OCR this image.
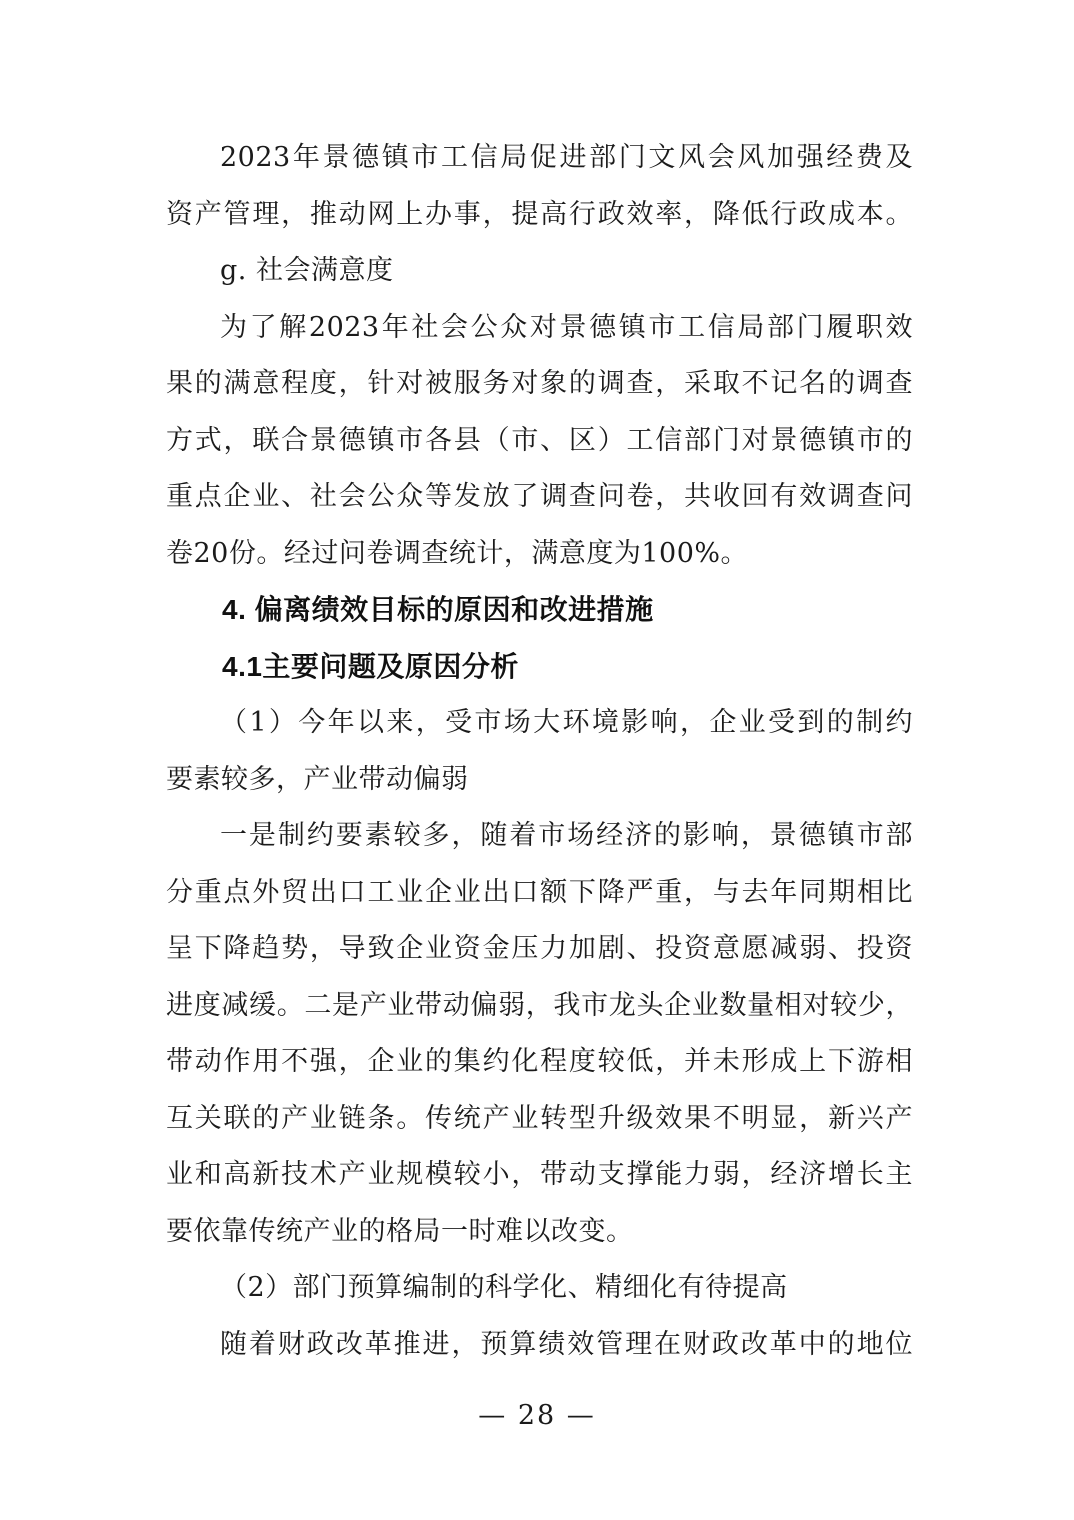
2023年景德镇市工信局促进部门文风会风加强经费及
资产管理，推动网上办事，提高行政效率，降低行政成本。
g. 社会满意度
为了解2023年社会公众对景德镇市工信局部门履职效
果的满意程度，针对被服务对象的调查，采取不记名的调查
方式，联合景德镇市各县（市、区）工信部门对景德镇市的
重点企业、社会公众等发放了调查问卷，共收回有效调查问
卷20份。经过问卷调查统计，满意度为100%。
4. 偏离绩效目标的原因和改进措施
4.1主要问题及原因分析
（1）今年以来，受市场大环境影响，企业受到的制约
要素较多，产业带动偏弱
一是制约要素较多，随着市场经济的影响，景德镇市部
分重点外贸出口工业企业出口额下降严重，与去年同期相比
呈下降趋势，导致企业资金压力加剧、投资意愿减弱、投资
进度减缓。二是产业带动偏弱，我市龙头企业数量相对较少，
带动作用不强，企业的集约化程度较低，并未形成上下游相
互关联的产业链条。传统产业转型升级效果不明显，新兴产
业和高新技术产业规模较小，带动支撑能力弱，经济增长主
要依靠传统产业的格局一时难以改变。
（2）部门预算编制的科学化、精细化有待提高
随着财政改革推进，预算绩效管理在财政改革中的地位
— 28 —
